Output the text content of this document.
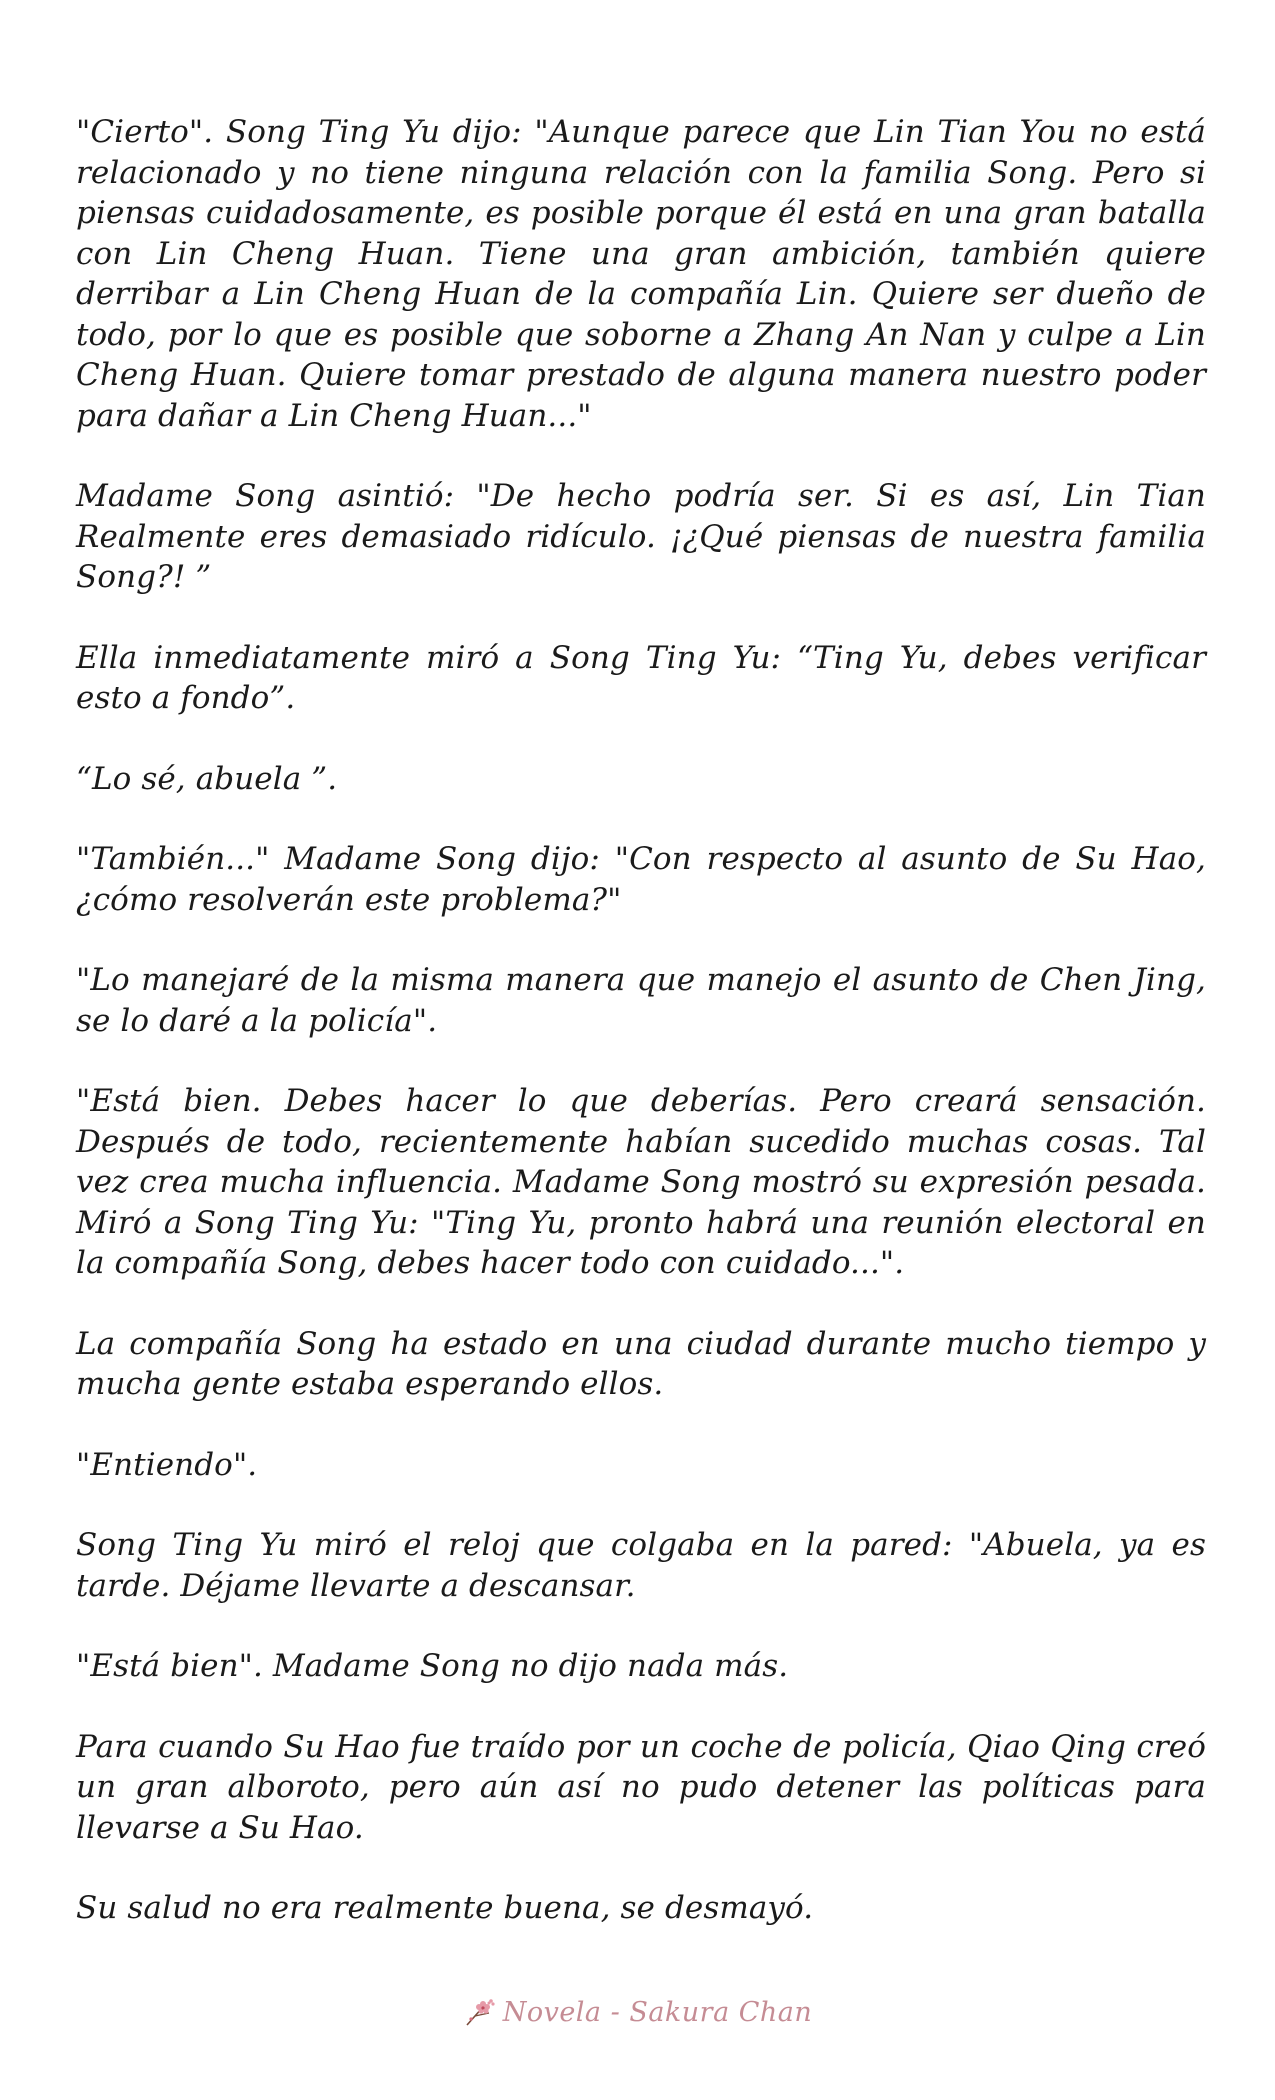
"Cierto". Song Ting Yu dijo: "Aunque parece que Lin Tian You no está relacionado y no tiene ninguna relación con la familia Song. Pero si piensas cuidadosamente, es posible porque él está en una gran batalla con Lin Cheng Huan. Tiene una gran ambición, también quiere derribar a Lin Cheng Huan de la compañía Lin. Quiere ser dueño de todo, por lo que es posible que soborne a Zhang An Nan y culpe a Lin Cheng Huan. Quiere tomar prestado de alguna manera nuestro poder para dañar a Lin Cheng Huan..."

Madame Song asintió: "De hecho podría ser. Si es así, Lin Tian Realmente eres demasiado ridículo. ¡¿Qué piensas de nuestra familia Song?! ”

Ella inmediatamente miró a Song Ting Yu: “Ting Yu, debes verificar esto a fondo”.

“Lo sé, abuela ”.

"También..." Madame Song dijo: "Con respecto al asunto de Su Hao, ¿cómo resolverán este problema?"

"Lo manejaré de la misma manera que manejo el asunto de Chen Jing, se lo daré a la policía".

"Está bien. Debes hacer lo que deberías. Pero creará sensación. Después de todo, recientemente habían sucedido muchas cosas. Tal vez crea mucha influencia. Madame Song mostró su expresión pesada. Miró a Song Ting Yu: "Ting Yu, pronto habrá una reunión electoral en la compañía Song, debes hacer todo con cuidado...".

La compañía Song ha estado en una ciudad durante mucho tiempo y mucha gente estaba esperando ellos.

"Entiendo".

Song Ting Yu miró el reloj que colgaba en la pared: "Abuela, ya es tarde. Déjame llevarte a descansar.

"Está bien". Madame Song no dijo nada más.

Para cuando Su Hao fue traído por un coche de policía, Qiao Qing creó un gran alboroto, pero aún así no pudo detener las políticas para llevarse a Su Hao.

Su salud no era realmente buena, se desmayó.

Novela - Sakura Chan
